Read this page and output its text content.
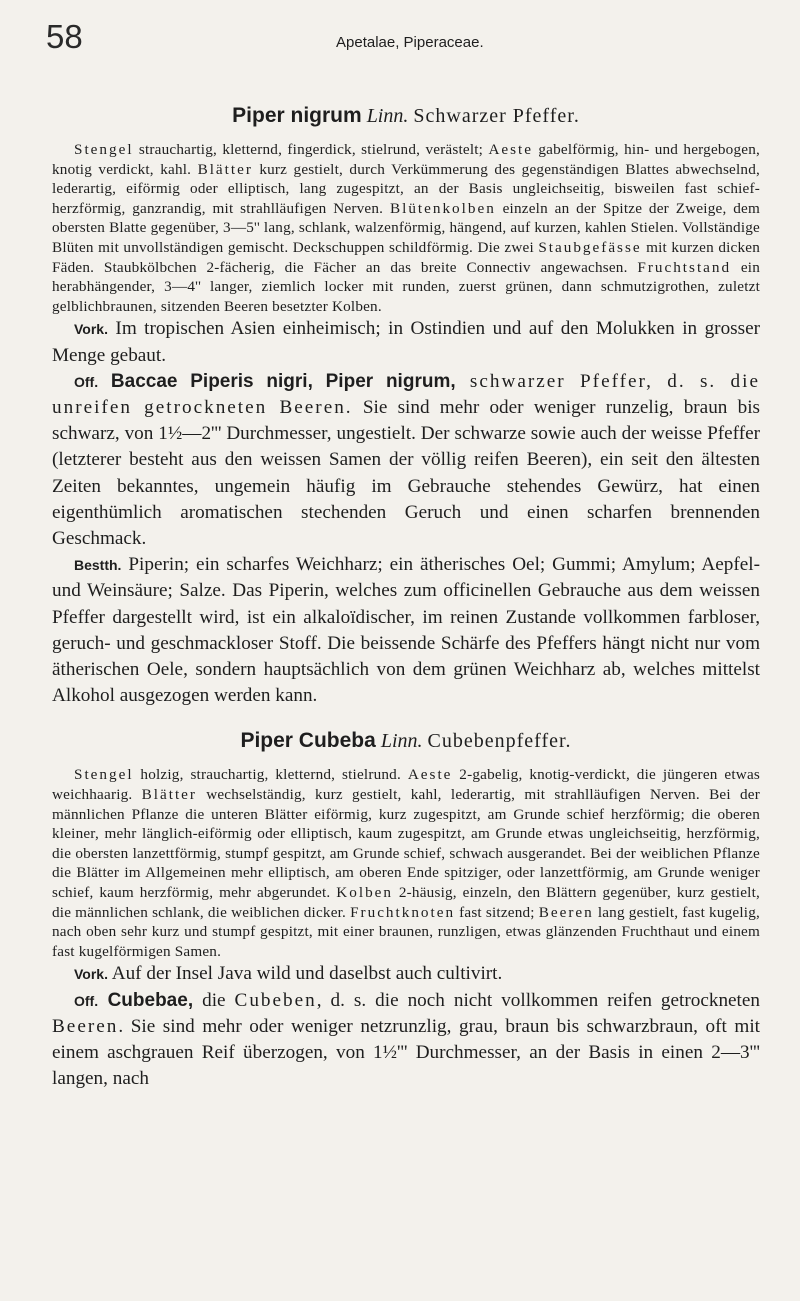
58	Apetalae, Piperaceae.
Piper nigrum Linn. Schwarzer Pfeffer.

Stengel strauchartig, kletternd, fingerdick, stielrund, verästelt; Aeste gabelförmig, hin- und hergebogen, knotig verdickt, kahl. Blätter kurz gestielt, durch Verkümmerung des gegenständigen Blattes abwechselnd, lederartig, eiförmig oder elliptisch, lang zugespitzt, an der Basis ungleichseitig, bisweilen fast schief-herzförmig, ganzrandig, mit strahlläufigen Nerven. Blütenkolben einzeln an der Spitze der Zweige, dem obersten Blatte gegenüber, 3—5'' lang, schlank, walzenförmig, hängend, auf kurzen, kahlen Stielen. Vollständige Blüten mit unvollständigen gemischt. Deckschuppen schildförmig. Die zwei Staubgefässe mit kurzen dicken Fäden. Staubkölbchen 2-fächerig, die Fächer an das breite Connectiv angewachsen. Fruchtstand ein herabhängender, 3—4'' langer, ziemlich locker mit runden, zuerst grünen, dann schmutzigrothen, zuletzt gelblichbraunen, sitzenden Beeren besetzter Kolben.

Vork. Im tropischen Asien einheimisch; in Ostindien und auf den Molukken in grosser Menge gebaut.

Off. Baccae Piperis nigri, Piper nigrum, schwarzer Pfeffer, d. s. die unreifen getrockneten Beeren. Sie sind mehr oder weniger runzelig, braun bis schwarz, von 1½—2''' Durchmesser, ungestielt. Der schwarze sowie auch der weisse Pfeffer (letzterer besteht aus den weissen Samen der völlig reifen Beeren), ein seit den ältesten Zeiten bekanntes, ungemein häufig im Gebrauche stehendes Gewürz, hat einen eigenthümlich aromatischen stechenden Geruch und einen scharfen brennenden Geschmack.

Bestth. Piperin; ein scharfes Weichharz; ein ätherisches Oel; Gummi; Amylum; Aepfel- und Weinsäure; Salze. Das Piperin, welches zum officinellen Gebrauche aus dem weissen Pfeffer dargestellt wird, ist ein alkaloïdischer, im reinen Zustande vollkommen farbloser, geruch- und geschmackloser Stoff. Die beissende Schärfe des Pfeffers hängt nicht nur vom ätherischen Oele, sondern hauptsächlich von dem grünen Weichharz ab, welches mittelst Alkohol ausgezogen werden kann.

Piper Cubeba Linn. Cubebenpfeffer.

Stengel holzig, strauchartig, kletternd, stielrund. Aeste 2-gabelig, knotig-verdickt, die jüngeren etwas weichhaarig. Blätter wechselständig, kurz gestielt, kahl, lederartig, mit strahlläufigen Nerven. Bei der männlichen Pflanze die unteren Blätter eiförmig, kurz zugespitzt, am Grunde schief herzförmig; die oberen kleiner, mehr länglich-eiförmig oder elliptisch, kaum zugespitzt, am Grunde etwas ungleichseitig, herzförmig, die obersten lanzettförmig, stumpf gespitzt, am Grunde schief, schwach ausgerandet. Bei der weiblichen Pflanze die Blätter im Allgemeinen mehr elliptisch, am oberen Ende spitziger, oder lanzettförmig, am Grunde weniger schief, kaum herzförmig, mehr abgerundet. Kolben 2-häusig, einzeln, den Blättern gegenüber, kurz gestielt, die männlichen schlank, die weiblichen dicker. Fruchtknoten fast sitzend; Beeren lang gestielt, fast kugelig, nach oben sehr kurz und stumpf gespitzt, mit einer braunen, runzligen, etwas glänzenden Fruchthaut und einem fast kugelförmigen Samen.

Vork. Auf der Insel Java wild und daselbst auch cultivirt.

Off. Cubebae, die Cubeben, d. s. die noch nicht vollkommen reifen getrockneten Beeren. Sie sind mehr oder weniger netzrunzlig, grau, braun bis schwarzbraun, oft mit einem aschgrauen Reif überzogen, von 1½''' Durchmesser, an der Basis in einen 2—3''' langen, nach
